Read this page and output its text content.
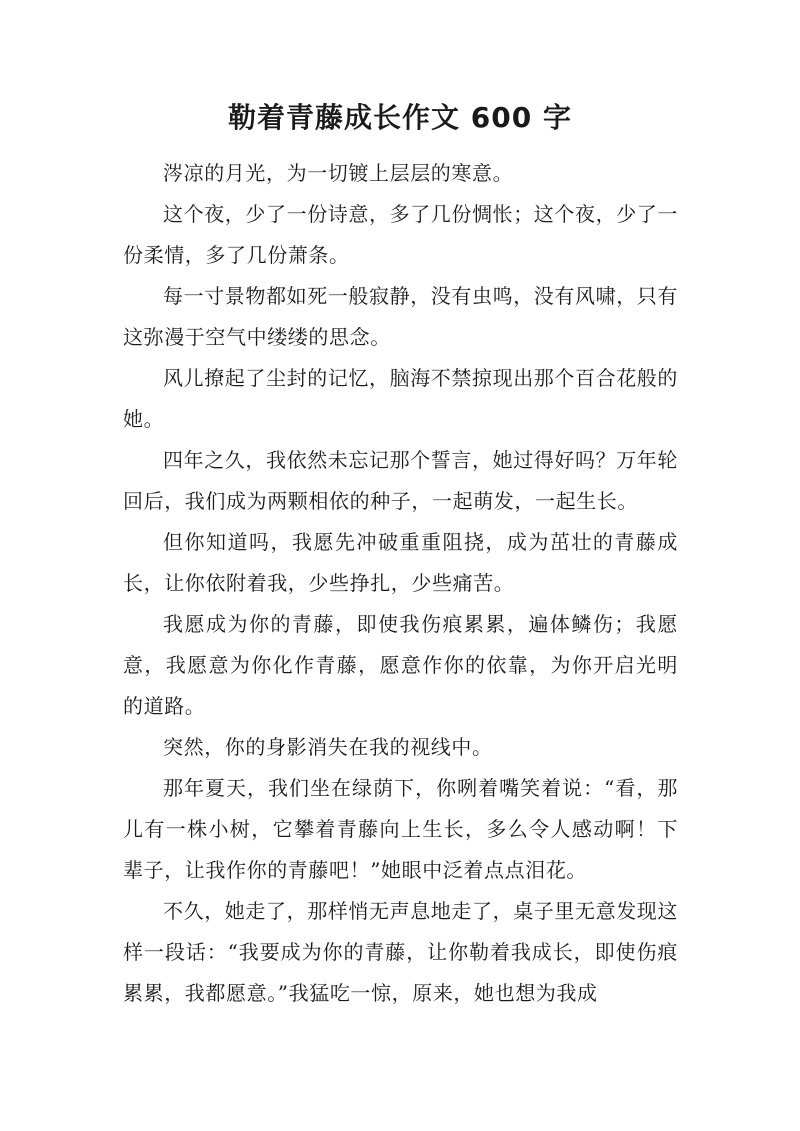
勒着青藤成长作文 600 字

涔凉的月光，为一切镀上层层的寒意。

这个夜，少了一份诗意，多了几份惆怅；这个夜，少了一份柔情，多了几份萧条。

每一寸景物都如死一般寂静，没有虫鸣，没有风啸，只有这弥漫于空气中缕缕的思念。

风儿撩起了尘封的记忆，脑海不禁掠现出那个百合花般的她。

四年之久，我依然未忘记那个誓言，她过得好吗？万年轮回后，我们成为两颗相依的种子，一起萌发，一起生长。

但你知道吗，我愿先冲破重重阻挠，成为茁壮的青藤成长，让你依附着我，少些挣扎，少些痛苦。

我愿成为你的青藤，即使我伤痕累累，遍体鳞伤；我愿意，我愿意为你化作青藤，愿意作你的依靠，为你开启光明的道路。

突然，你的身影消失在我的视线中。

那年夏天，我们坐在绿荫下，你咧着嘴笑着说：“看，那儿有一株小树，它攀着青藤向上生长，多么令人感动啊！下辈子，让我作你的青藤吧！”她眼中泛着点点泪花。

不久，她走了，那样悄无声息地走了，桌子里无意发现这样一段话：“我要成为你的青藤，让你勒着我成长，即使伤痕累累，我都愿意。”我猛吃一惊，原来，她也想为我成
